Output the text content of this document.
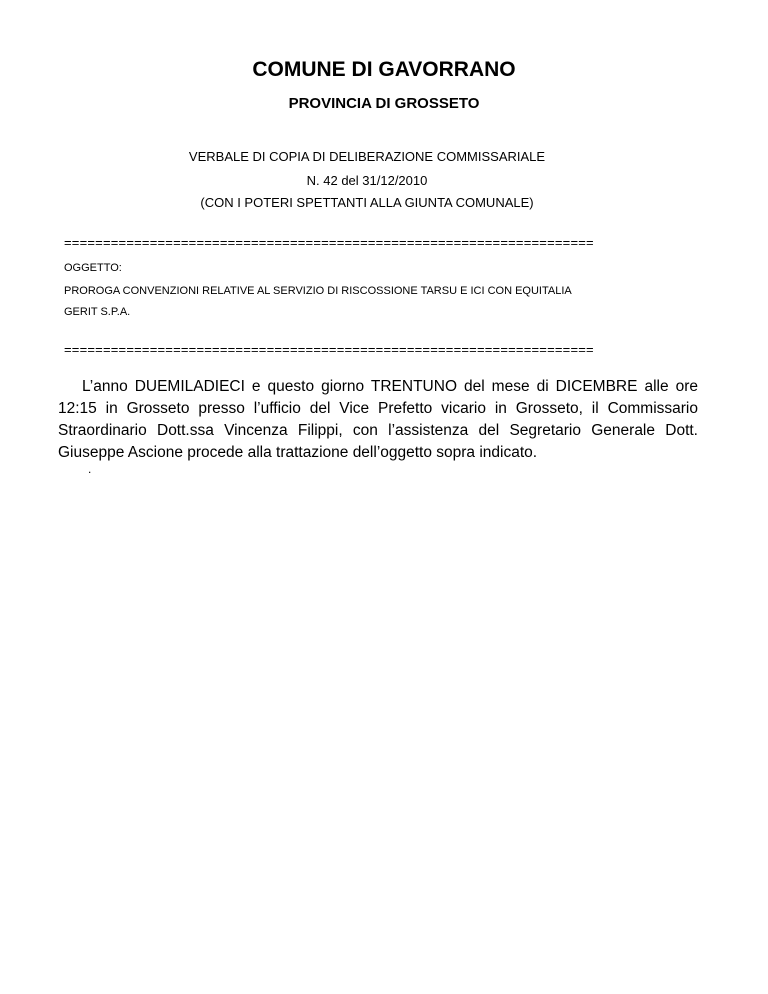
COMUNE DI GAVORRANO
PROVINCIA DI GROSSETO
VERBALE DI COPIA DI DELIBERAZIONE COMMISSARIALE
N. 42 del 31/12/2010
(CON I POTERI SPETTANTI ALLA GIUNTA COMUNALE)
====================================================================
OGGETTO:
PROROGA CONVENZIONI RELATIVE AL SERVIZIO DI RISCOSSIONE TARSU E ICI CON EQUITALIA
GERIT S.P.A.
====================================================================
L’anno DUEMILADIECI e questo giorno TRENTUNO del mese di DICEMBRE alle ore 12:15 in Grosseto presso l’ufficio del Vice Prefetto vicario in Grosseto, il Commissario Straordinario Dott.ssa Vincenza Filippi, con l’assistenza del Segretario Generale Dott. Giuseppe Ascione procede alla trattazione dell’oggetto sopra indicato.
.
